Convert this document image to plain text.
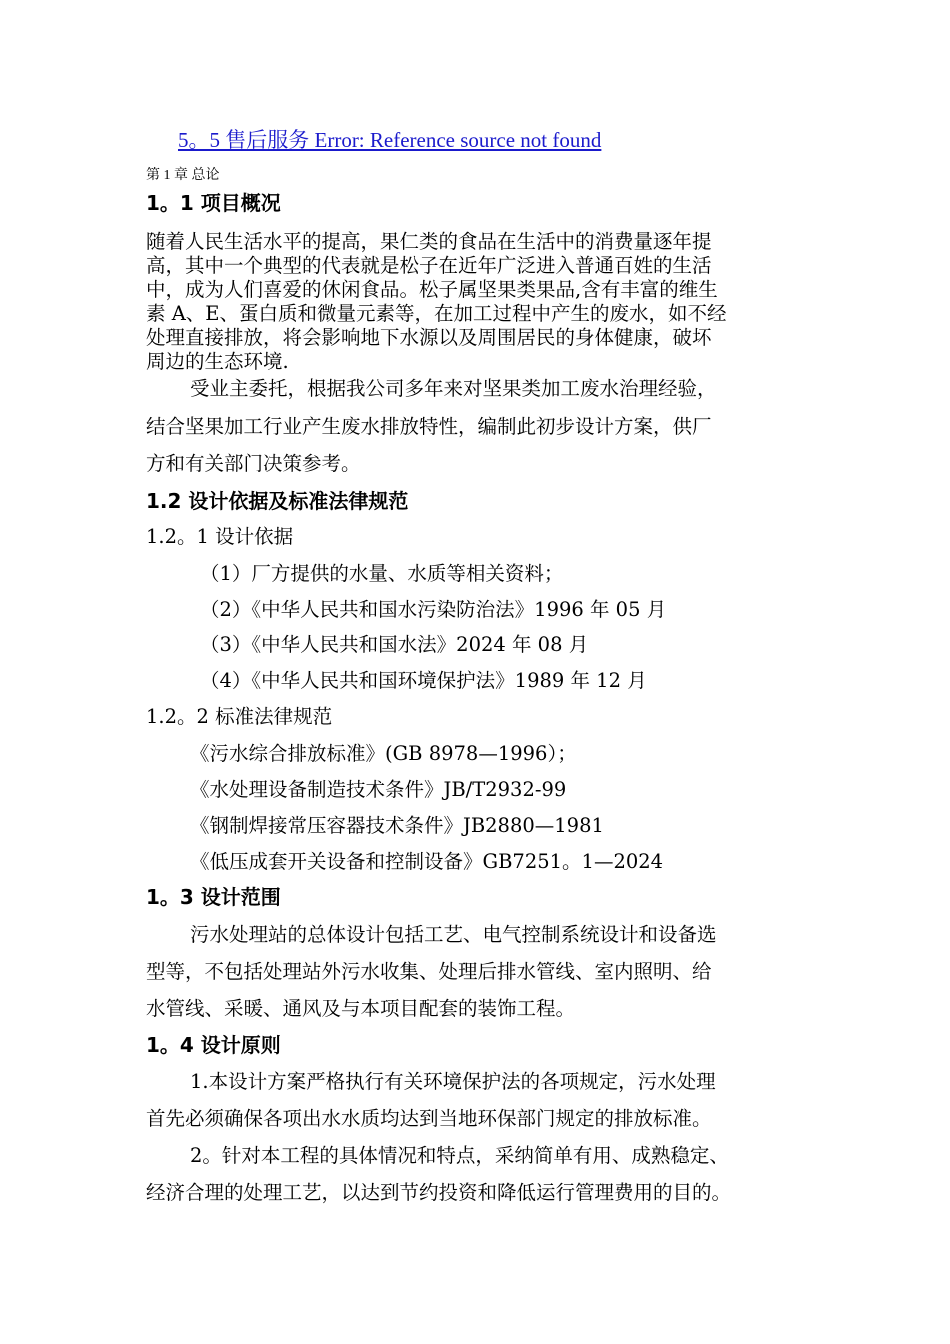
5。5 售后服务 Error: Reference source not found
第 1 章 总论
1。1 项目概况
随着人民生活水平的提高，果仁类的食品在生活中的消费量逐年提
高，其中一个典型的代表就是松子在近年广泛进入普通百姓的生活
中，成为人们喜爱的休闲食品。松子属坚果类果品,含有丰富的维生
素 A、E、蛋白质和微量元素等，在加工过程中产生的废水，如不经
处理直接排放，将会影响地下水源以及周围居民的身体健康，破坏
周边的生态环境.
受业主委托，根据我公司多年来对坚果类加工废水治理经验，
结合坚果加工行业产生废水排放特性，编制此初步设计方案，供厂
方和有关部门决策参考。
1.2 设计依据及标准法律规范
1.2。1 设计依据
（1）厂方提供的水量、水质等相关资料；
（2）《中华人民共和国水污染防治法》1996 年 05 月
（3）《中华人民共和国水法》2024 年 08 月
（4）《中华人民共和国环境保护法》1989 年 12 月
1.2。2 标准法律规范
《污水综合排放标准》(GB 8978—1996）；
《水处理设备制造技术条件》JB/T2932-99
《钢制焊接常压容器技术条件》JB2880—1981
《低压成套开关设备和控制设备》GB7251。1—2024
1。3 设计范围
污水处理站的总体设计包括工艺、电气控制系统设计和设备选
型等，不包括处理站外污水收集、处理后排水管线、室内照明、给
水管线、采暖、通风及与本项目配套的装饰工程。
1。4 设计原则
1.本设计方案严格执行有关环境保护法的各项规定，污水处理
首先必须确保各项出水水质均达到当地环保部门规定的排放标准。
2。针对本工程的具体情况和特点，采纳简单有用、成熟稳定、
经济合理的处理工艺，以达到节约投资和降低运行管理费用的目的。
